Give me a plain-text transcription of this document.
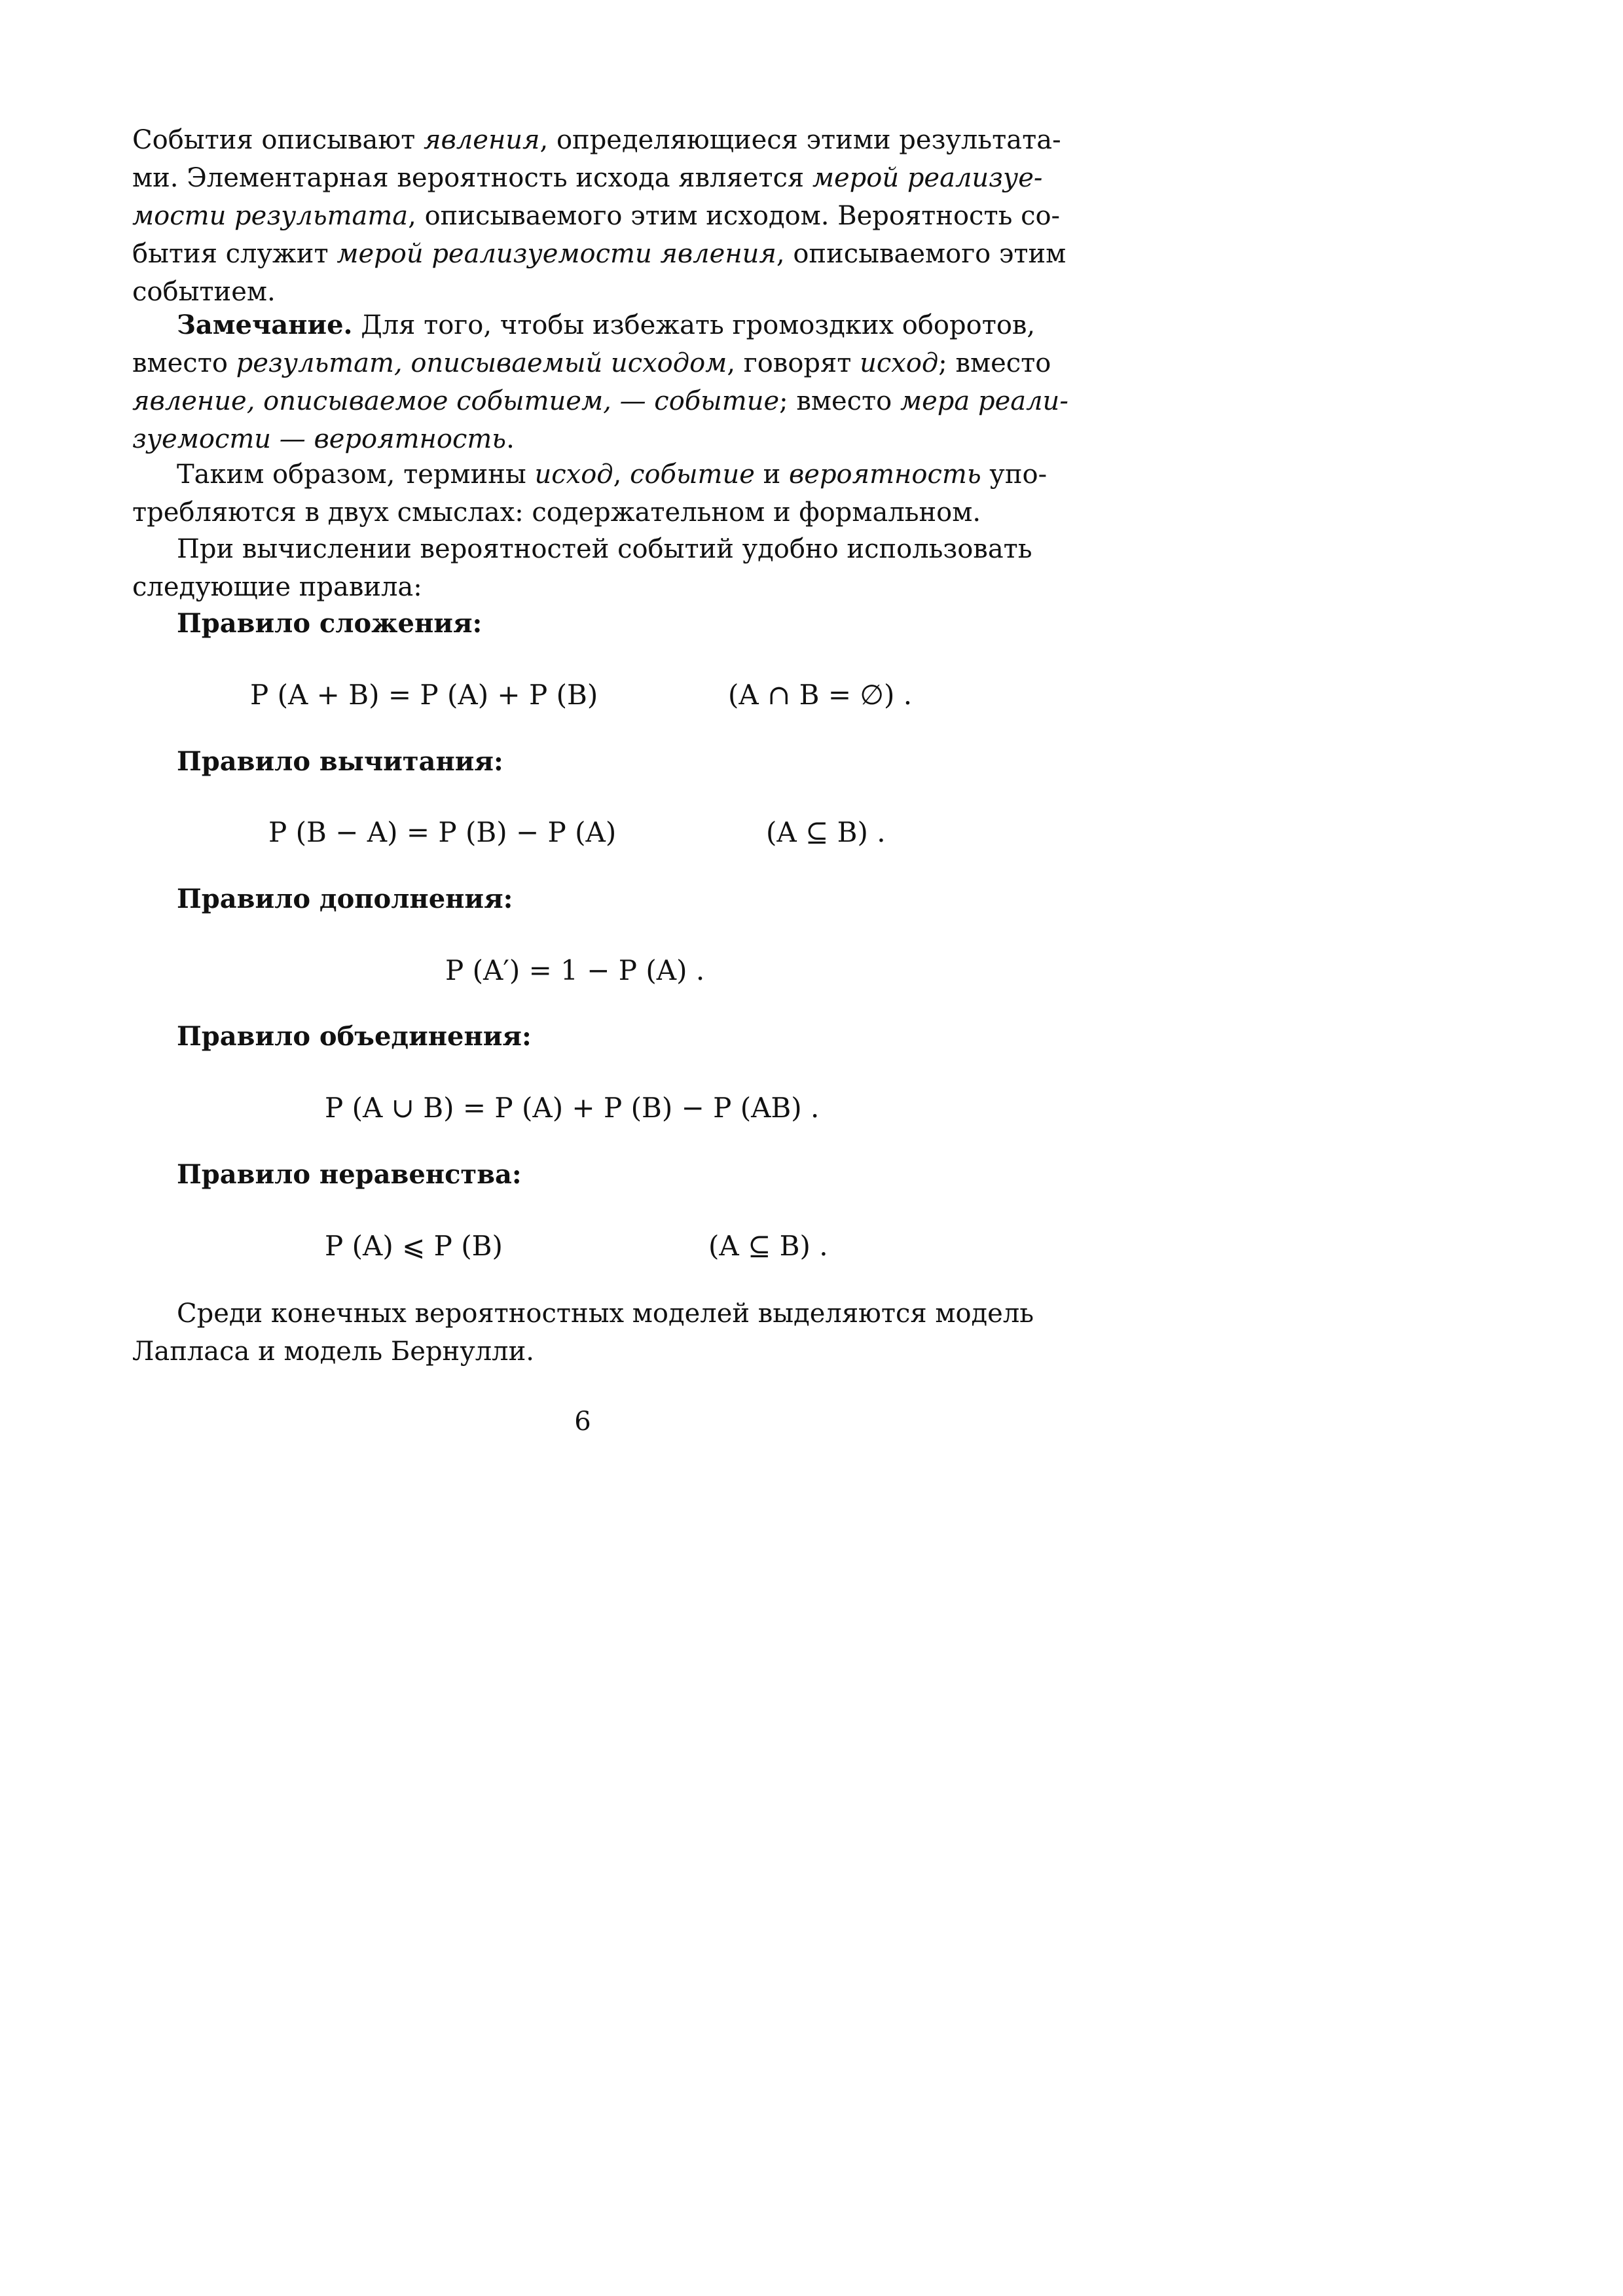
События описывают явления, определяющиеся этими результата-
ми. Элементарная вероятность исхода является мерой реализуе-
мости результата, описываемого этим исходом. Вероятность со-
бытия служит мерой реализуемости явления, описываемого этим
событием.
Замечание. Для того, чтобы избежать громоздких оборотов,
вместо результат, описываемый исходом, говорят исход; вместо
явление, описываемое событием, — событие; вместо мера реали-
зуемости — вероятность.
Таким образом, термины исход, событие и вероятность упо-
требляются в двух смыслах: содержательном и формальном.
При вычислении вероятностей событий удобно использовать
следующие правила:
Правило сложения:
P (A + B) = P (A) + P (B)	(A ∩ B = ∅) .
Правило вычитания:
P (B − A) = P (B) − P (A)	(A ⊆ B) .
Правило дополнения:
P (A′) = 1 − P (A) .
Правило объединения:
P (A ∪ B) = P (A) + P (B) − P (AB) .
Правило неравенства:
P (A) ⩽ P (B)	(A ⊆ B) .
Среди конечных вероятностных моделей выделяются модель
Лапласа и модель Бернулли.
6
